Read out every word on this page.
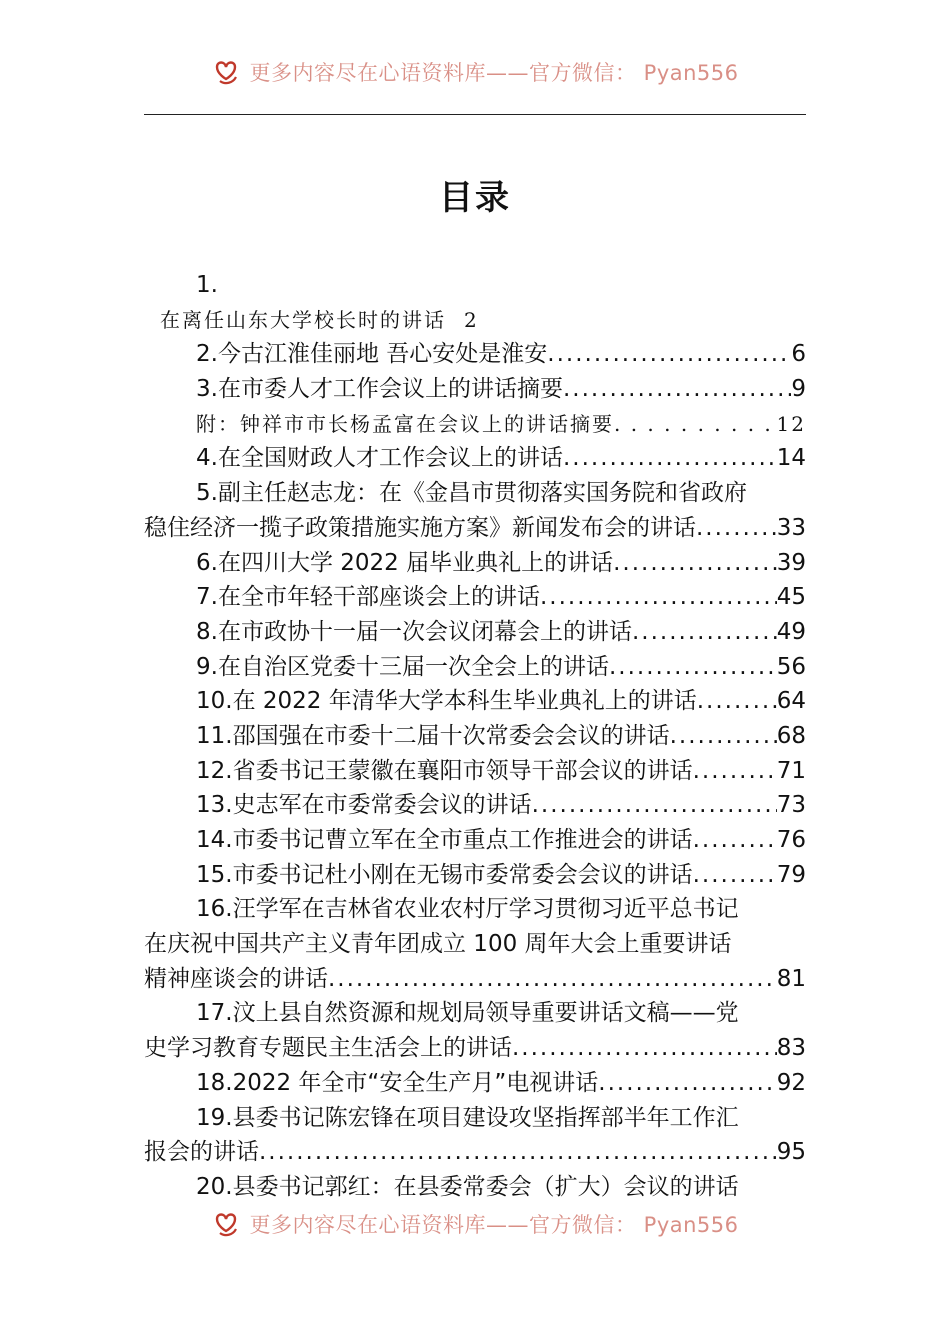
更多内容尽在心语资料库——官方微信： Pyan556
目录
1.
在离任山东大学校长时的讲话 2
2.今古江淮佳丽地 吾心安处是淮安 .....	6
3.在市委人才工作会议上的讲话摘要 .....	9
附：钟祥市市长杨孟富在会议上的讲话摘要 . . .	12
4.在全国财政人才工作会议上的讲话 .....	14
5.副主任赵志龙：在《金昌市贯彻落实国务院和省政府
稳住经济一揽子政策措施实施方案》新闻发布会的讲话 .....	33
6.在四川大学 2022 届毕业典礼上的讲话 .....	39
7.在全市年轻干部座谈会上的讲话 .....	45
8.在市政协十一届一次会议闭幕会上的讲话 .....	49
9.在自治区党委十三届一次全会上的讲话 .....	56
10.在 2022 年清华大学本科生毕业典礼上的讲话 .....	64
11.邵国强在市委十二届十次常委会会议的讲话 .....	68
12.省委书记王蒙徽在襄阳市领导干部会议的讲话 .....	71
13.史志军在市委常委会议的讲话 .....	73
14.市委书记曹立军在全市重点工作推进会的讲话 .....	76
15.市委书记杜小刚在无锡市委常委会会议的讲话 .....	79
16.汪学军在吉林省农业农村厅学习贯彻习近平总书记
在庆祝中国共产主义青年团成立 100 周年大会上重要讲话
精神座谈会的讲话 .....	81
17.汶上县自然资源和规划局领导重要讲话文稿——党
史学习教育专题民主生活会上的讲话 .....	83
18.2022 年全市“安全生产月”电视讲话 .....	92
19.县委书记陈宏锋在项目建设攻坚指挥部半年工作汇
报会的讲话 .....	95
20.县委书记郭红：在县委常委会（扩大）会议的讲话
更多内容尽在心语资料库——官方微信： Pyan556
